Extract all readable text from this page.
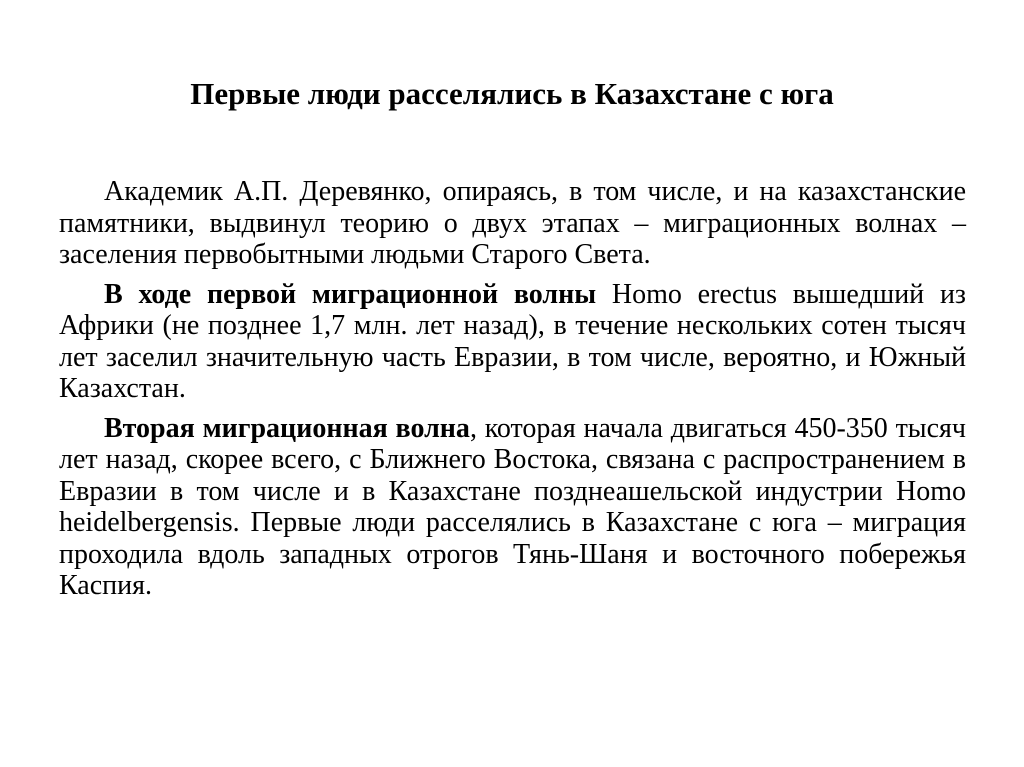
Первые люди расселялись в Казахстане с юга

Академик А.П. Деревянко, опираясь, в том числе, и на казахстанские памятники, выдвинул теорию о двух этапах – миграционных волнах – заселения первобытными людьми Старого Света.

В ходе первой миграционной волны Homo erectus вышедший из Африки (не позднее 1,7 млн. лет назад), в течение нескольких сотен тысяч лет заселил значительную часть Евразии, в том числе, вероятно, и Южный Казахстан.

Вторая миграционная волна, которая начала двигаться 450-350 тысяч лет назад, скорее всего, с Ближнего Востока, связана с распространением в Евразии в том числе и в Казахстане позднеашельской индустрии Homo heidelbergensis. Первые люди расселялись в Казахстане с юга – миграция проходила вдоль западных отрогов Тянь-Шаня и восточного побережья Каспия.
